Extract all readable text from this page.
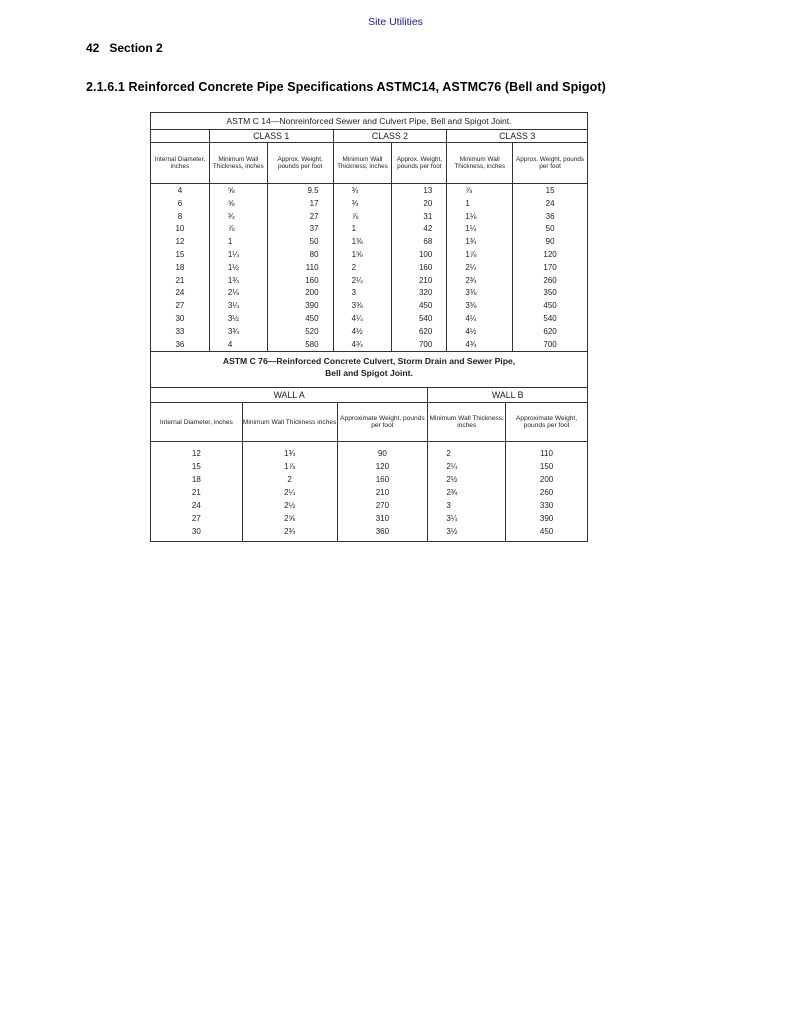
Site Utilities
42 Section 2
2.1.6.1 Reinforced Concrete Pipe Specifications ASTMC14, ASTMC76 (Bell and Spigot)
ASTM C 14—Nonreinforced Sewer and Culvert Pipe, Bell and Spigot Joint.						
	CLASS 1		CLASS 2		CLASS 3	
Internal Diameter, inches	Minimum Wall Thickness, inches	Approx. Weight, pounds per foot	Minimum Wall Thickness, inches	Approx. Weight, pounds per foot	Minimum Wall Thickness, inches	Approx. Weight, pounds per foot
4	⅝	9.5	¾	13	⅞	15
6	⅝	17	¾	20	1	24
8	¾	27	⅞	31	1⅛	36
10	⅞	37	1	42	1¼	50
12	1	50	1⅜	68	1¾	90
15	1¼	80	1⅝	100	1⅞	120
18	1½	110	2	160	2¼	170
21	1¾	160	2¼	210	2¾	260
24	2⅛	200	3	320	3⅜	350
27	3¼	390	3⅜	450	3⅜	450
30	3½	450	4¼	540	4¼	540
33	3¾	520	4½	620	4½	620
36	4	580	4¾	700	4¾	700
ASTM C 76—Reinforced Concrete Culvert, Storm Drain and Sewer Pipe,
Bell and Spigot Joint.				

WALL A			WALL B	
Internal Diameter, inches	Minimum Wall Thickness inches	Approximate Weight, pounds per foot	Minimum Wall Thickness, inches	Approximate Weight, pounds per foot
12	1¾	90	2	110
15	1⅞	120	2¼	150
18	2	160	2½	200
21	2¼	210	2¾	260
24	2½	270	3	330
27	2⅝	310	3¼	390
30	2¾	360	3½	450
